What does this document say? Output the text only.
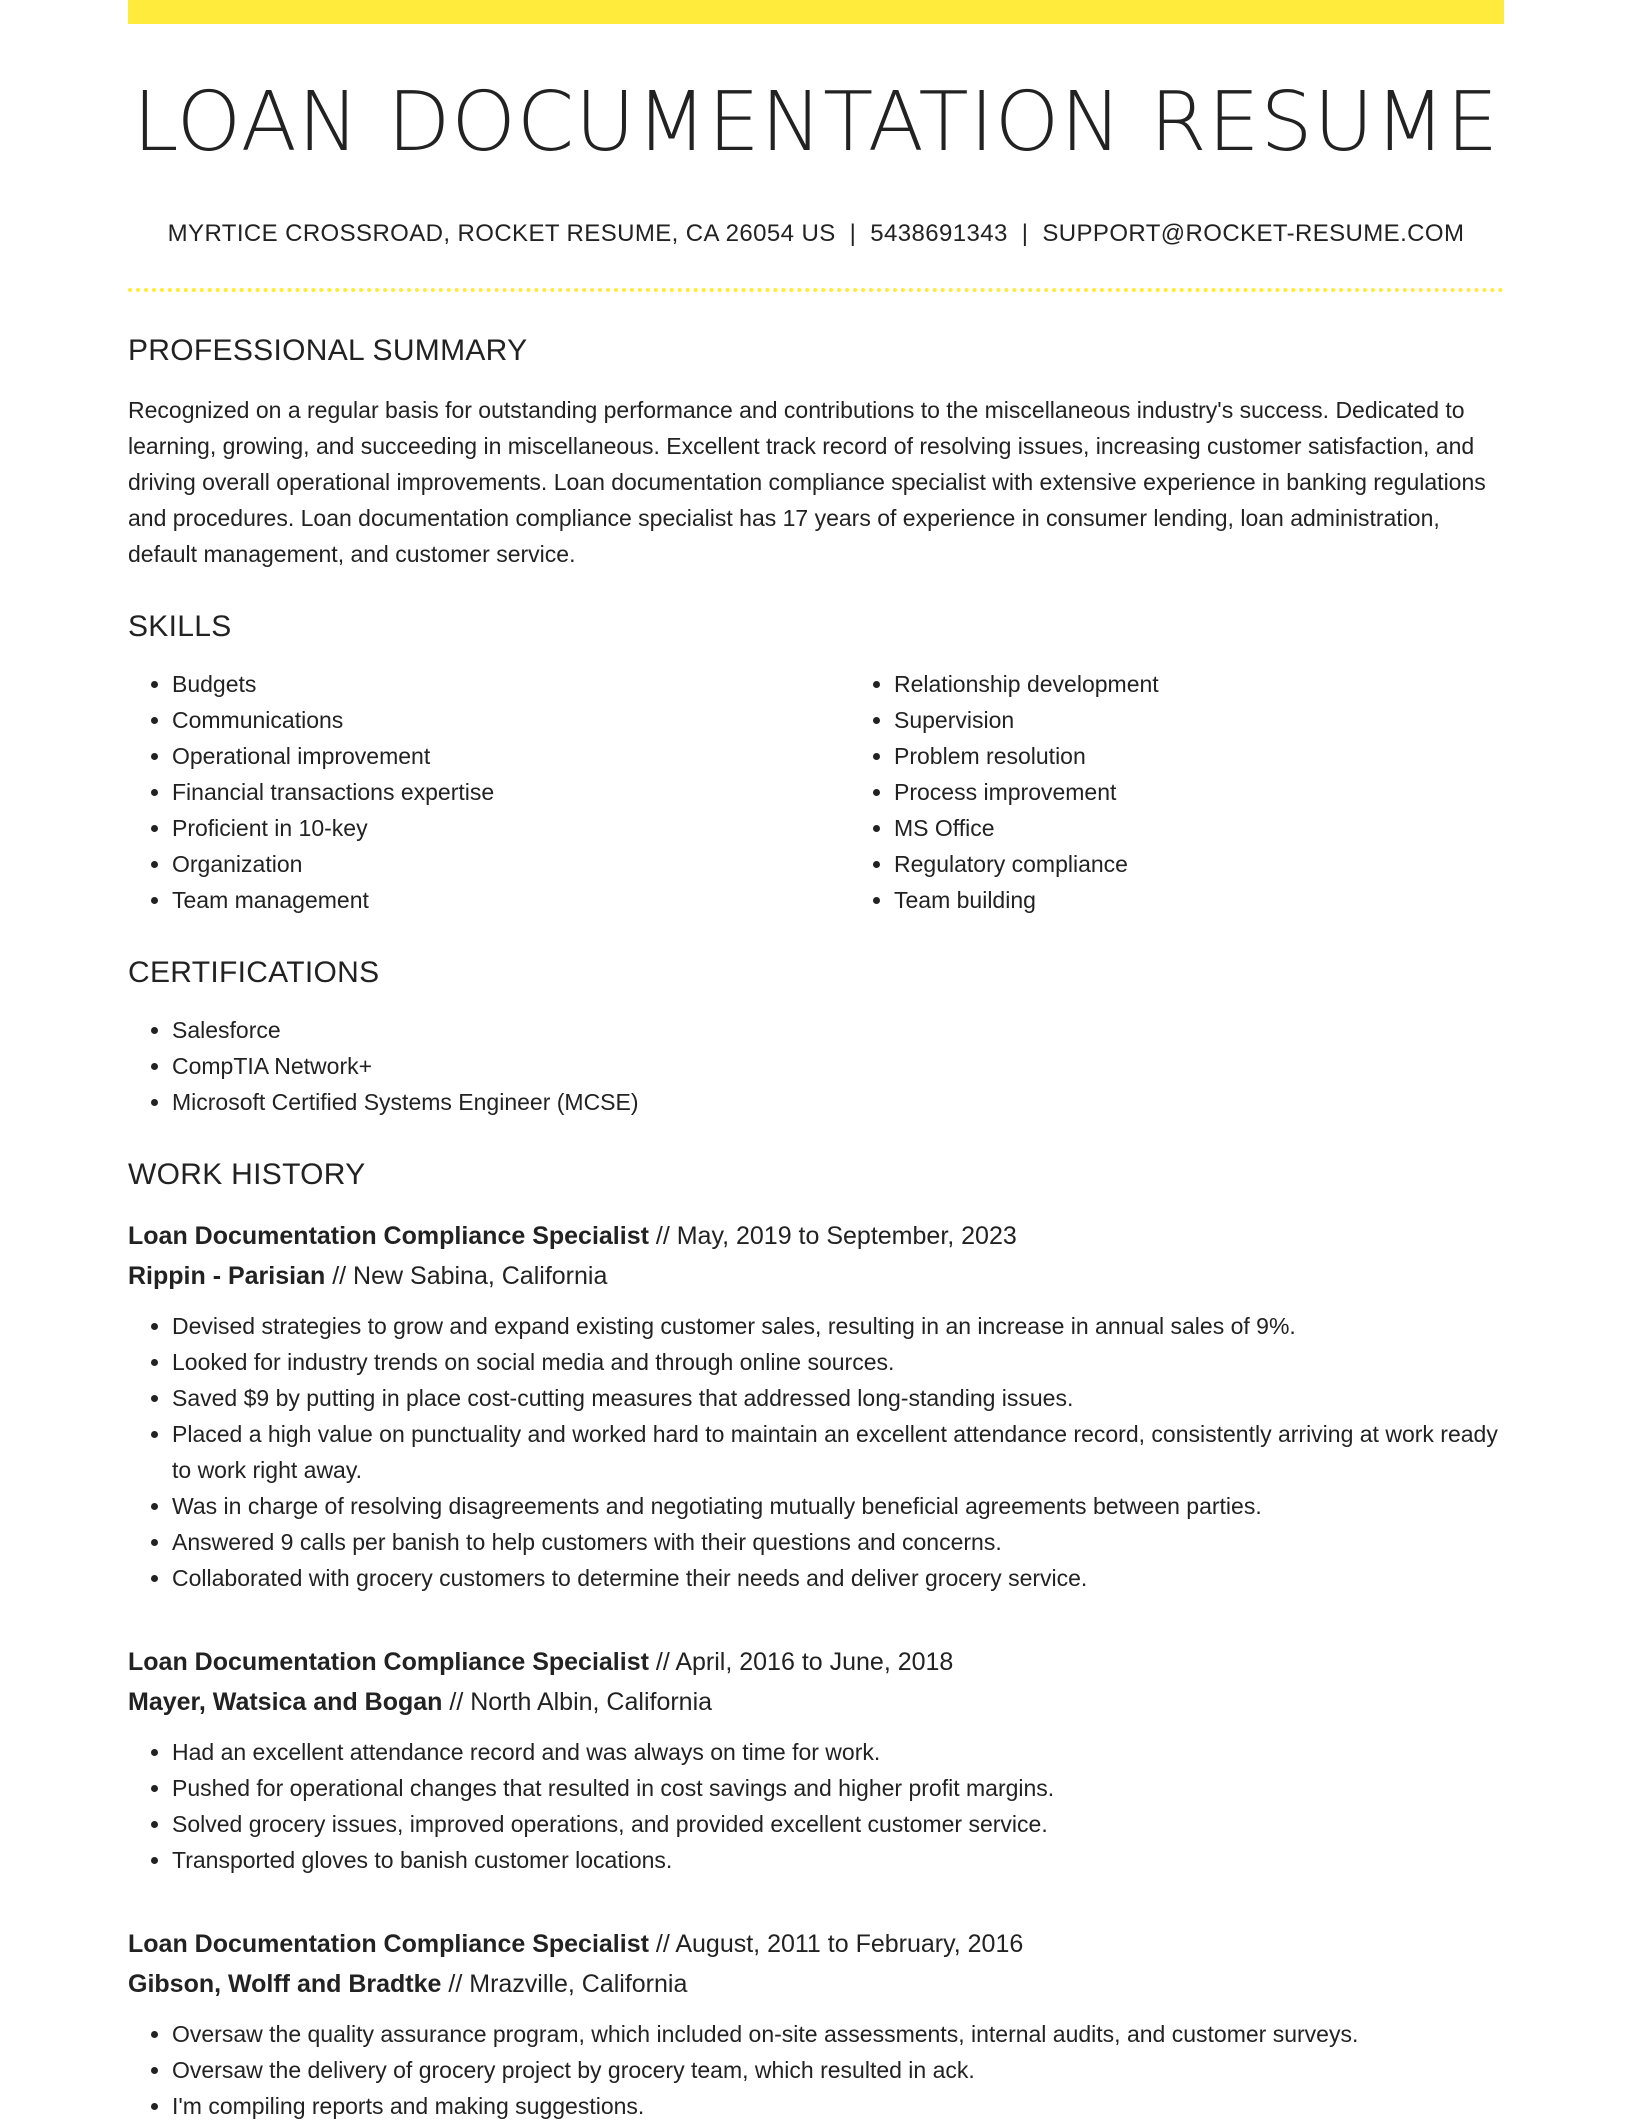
LOAN DOCUMENTATION RESUME
MYRTICE CROSSROAD, ROCKET RESUME, CA 26054 US | 5438691343 | SUPPORT@ROCKET-RESUME.COM
PROFESSIONAL SUMMARY

Recognized on a regular basis for outstanding performance and contributions to the miscellaneous industry's success. Dedicated to learning, growing, and succeeding in miscellaneous. Excellent track record of resolving issues, increasing customer satisfaction, and driving overall operational improvements. Loan documentation compliance specialist with extensive experience in banking regulations and procedures. Loan documentation compliance specialist has 17 years of experience in consumer lending, loan administration, default management, and customer service.

SKILLS
• Budgets
• Communications
• Operational improvement
• Financial transactions expertise
• Proficient in 10-key
• Organization
• Team management
• Relationship development
• Supervision
• Problem resolution
• Process improvement
• MS Office
• Regulatory compliance
• Team building
CERTIFICATIONS
• Salesforce
• CompTIA Network+
• Microsoft Certified Systems Engineer (MCSE)
WORK HISTORY
Loan Documentation Compliance Specialist // May, 2019 to September, 2023
Rippin - Parisian // New Sabina, California
• Devised strategies to grow and expand existing customer sales, resulting in an increase in annual sales of 9%.
• Looked for industry trends on social media and through online sources.
• Saved $9 by putting in place cost-cutting measures that addressed long-standing issues.
• Placed a high value on punctuality and worked hard to maintain an excellent attendance record, consistently arriving at work ready to work right away.
• Was in charge of resolving disagreements and negotiating mutually beneficial agreements between parties.
• Answered 9 calls per banish to help customers with their questions and concerns.
• Collaborated with grocery customers to determine their needs and deliver grocery service.
Loan Documentation Compliance Specialist // April, 2016 to June, 2018
Mayer, Watsica and Bogan // North Albin, California
• Had an excellent attendance record and was always on time for work.
• Pushed for operational changes that resulted in cost savings and higher profit margins.
• Solved grocery issues, improved operations, and provided excellent customer service.
• Transported gloves to banish customer locations.
Loan Documentation Compliance Specialist // August, 2011 to February, 2016
Gibson, Wolff and Bradtke // Mrazville, California
• Oversaw the quality assurance program, which included on-site assessments, internal audits, and customer surveys.
• Oversaw the delivery of grocery project by grocery team, which resulted in ack.
• I'm compiling reports and making suggestions.
